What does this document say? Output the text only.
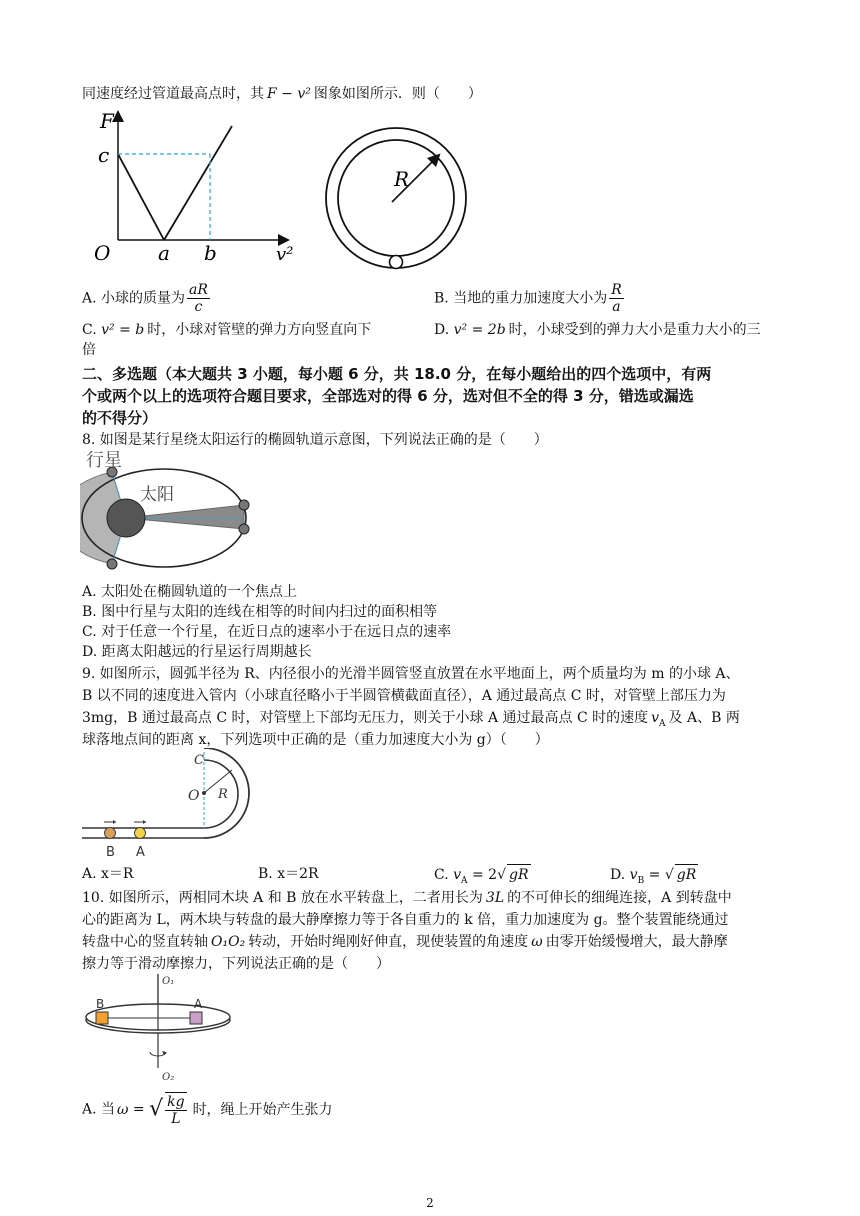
同速度经过管道最高点时，其 F − v² 图象如图所示．则（　　）
F
c
O a b	v²
R
A. 小球的质量为 $\frac{aR}{c}$	B. 当地的重力加速度大小为 $\frac{R}{a}$
C. v² = b 时，小球对管壁的弹力方向竖直向下	D. v² = 2b 时，小球受到的弹力大小是重力大小的三
倍
二、多选题（本大题共 3 小题，每小题 6 分，共 18.0 分，在每小题给出的四个选项中，有两
个或两个以上的选项符合题目要求，全部选对的得 6 分，选对但不全的得 3 分，错选或漏选
的不得分）
8. 如图是某行星绕太阳运行的椭圆轨道示意图，下列说法正确的是（　　）
行星
太阳
A. 太阳处在椭圆轨道的一个焦点上
B. 图中行星与太阳的连线在相等的时间内扫过的面积相等
C. 对于任意一个行星，在近日点的速率小于在远日点的速率
D. 距离太阳越远的行星运行周期越长
9. 如图所示，圆弧半径为 R、内径很小的光滑半圆管竖直放置在水平地面上，两个质量均为 m 的小球 A、
B 以不同的速度进入管内（小球直径略小于半圆管横截面直径），A 通过最高点 C 时，对管壁上部压力为
3mg，B 通过最高点 C 时，对管壁上下部均无压力，则关于小球 A 通过最高点 C 时的速度 $v_A$ 及 A、B 两
球落地点间的距离 x，下列选项中正确的是（重力加速度大小为 g）（　　）
C
O R
B A
A. x＝R	B. x＝2R	C. $v_A = 2√$ gR	D. $v_B$ = √ gR
10. 如图所示，两相同木块 A 和 B 放在水平转盘上，二者用长为 3L 的不可伸长的细绳连接，A 到转盘中
心的距离为 L，两木块与转盘的最大静摩擦力等于各自重力的 k 倍，重力加速度为 g。整个装置能绕通过
转盘中心的竖直转轴 O₁O₂ 转动，开始时绳刚好伸直，现使装置的角速度 ω 由零开始缓慢增大，最大静摩
擦力等于滑动摩擦力，下列说法正确的是（　　）
B	A
O₁
O₂
A. 当 ω = √ $\frac{kg}{L}$ 时，绳上开始产生张力
2
